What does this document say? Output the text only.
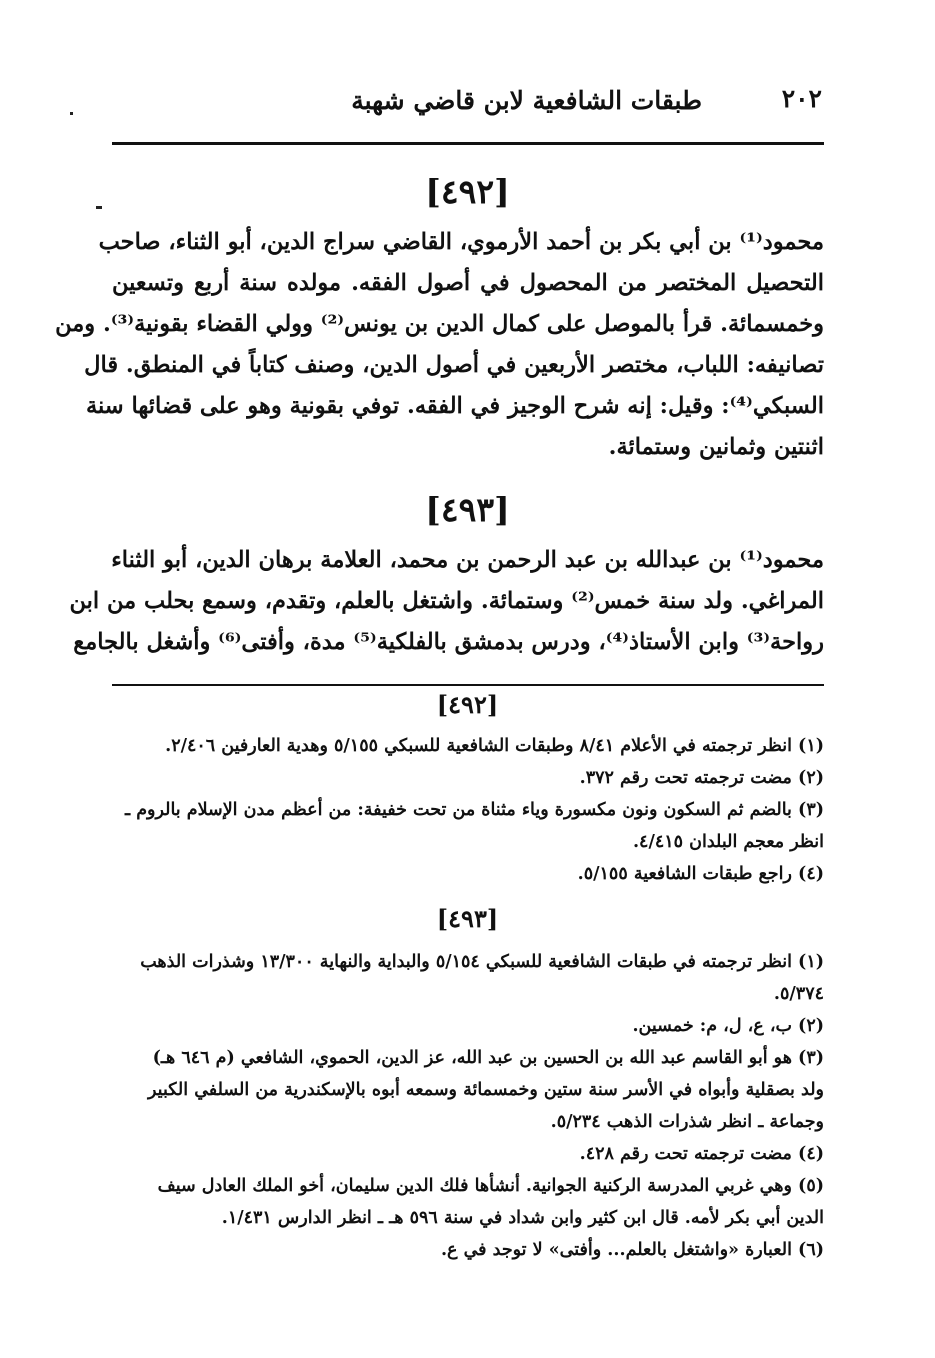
٢٠٢
طبقات الشافعية لابن قاضي شهبة
[٤٩٢]
محمود⁽¹⁾ بن أبي بكر بن أحمد الأرموي، القاضي سراج الدين، أبو الثناء، صاحب
التحصيل المختصر من المحصول في أصول الفقه. مولده سنة أربع وتسعين
وخمسمائة. قرأ بالموصل على كمال الدين بن يونس⁽²⁾ وولي القضاء بقونية⁽³⁾. ومن
تصانيفه: اللباب، مختصر الأربعين في أصول الدين، وصنف كتاباً في المنطق. قال
السبكي⁽⁴⁾: وقيل: إنه شرح الوجيز في الفقه. توفي بقونية وهو على قضائها سنة
اثنتين وثمانين وستمائة.
[٤٩٣]
محمود⁽¹⁾ بن عبدالله بن عبد الرحمن بن محمد، العلامة برهان الدين، أبو الثناء
المراغي. ولد سنة خمس⁽²⁾ وستمائة. واشتغل بالعلم، وتقدم، وسمع بحلب من ابن
رواحة⁽³⁾ وابن الأستاذ⁽⁴⁾، ودرس بدمشق بالفلكية⁽⁵⁾ مدة، وأفتى⁽⁶⁾ وأشغل بالجامع
[٤٩٢]
(١) انظر ترجمته في الأعلام ٨/٤١ وطبقات الشافعية للسبكي ٥/١٥٥ وهدية العارفين ٢/٤٠٦.
(٢) مضت ترجمته تحت رقم ٣٧٢.
(٣) بالضم ثم السكون ونون مكسورة وياء مثناة من تحت خفيفة: من أعظم مدن الإسلام بالروم ـ
انظر معجم البلدان ٤/٤١٥.
(٤) راجع طبقات الشافعية ٥/١٥٥.
[٤٩٣]
(١) انظر ترجمته في طبقات الشافعية للسبكي ٥/١٥٤ والبداية والنهاية ١٣/٣٠٠ وشذرات الذهب
٥/٣٧٤.
(٢) ب، ع، ل، م: خمسين.
(٣) هو أبو القاسم عبد الله بن الحسين بن عبد الله، عز الدين، الحموي، الشافعي (م ٦٤٦ هـ)
ولد بصقلية وأبواه في الأسر سنة ستين وخمسمائة وسمعه أبوه بالإسكندرية من السلفي الكبير
وجماعة ـ انظر شذرات الذهب ٥/٢٣٤.
(٤) مضت ترجمته تحت رقم ٤٢٨.
(٥) وهي غربي المدرسة الركنية الجوانية. أنشأها فلك الدين سليمان، أخو الملك العادل سيف
الدين أبي بكر لأمه. قال ابن كثير وابن شداد في سنة ٥٩٦ هـ ـ انظر الدارس ١/٤٣١.
(٦) العبارة «واشتغل بالعلم... وأفتى» لا توجد في ع.
